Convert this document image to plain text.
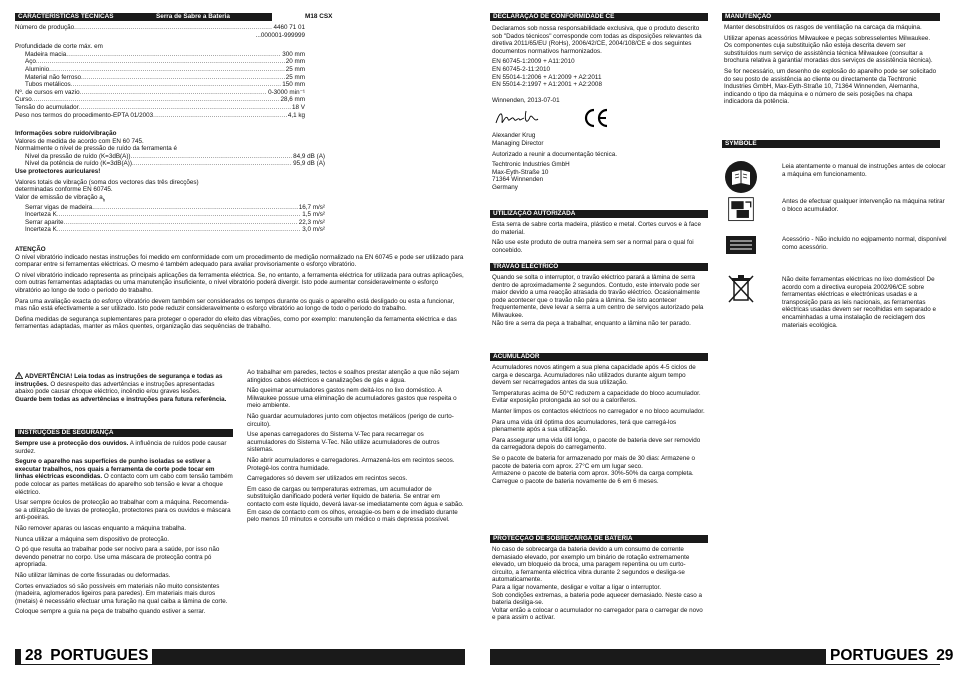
CARACTERÍSTICAS TÉCNICAS	Serra de Sabre a Bateria	M18 CSX
Número de produção .....	4460 71 01
...000001-999999
Profundidade de corte máx. em
Madeira macia .....	300 mm
Aço .....	20 mm
Aluminio .....	25 mm
Material não ferroso .....	25 mm
Tubos metálicos .....	150 mm
Nº. de cursos em vazio .....	0-3000 min⁻¹
Curso .....	28,6 mm
Tensão do acumulador .....	18 V
Peso nos termos do procedimento-EPTA 01/2003 .....	4,1 kg

Informações sobre ruído/vibração

Valores de medida de acordo com EN 60 745.
Normalmente o nível de pressão de ruído da ferramenta é
Nível da pressão de ruído (K=3dB(A)) .....	84,9 dB (A)
Nível da potência de ruído (K=3dB(A)) .....	95,9 dB (A)
Use protectores auriculares!
Valores totais de vibração (soma dos vectores das três direcções)
determinadas conforme EN 60745.
Valor de emissão de vibração $a_h$
Serrar vigas de madeira .....	16,7 m/s²
Incerteza K .....	1,5 m/s²
Serrar aparite .....	22,3 m/s²
Incerteza K .....	3,0 m/s²
ATENÇÃO

O nível vibratório indicado nestas instruções foi medido em conformidade com um procedimento de medição normalizado na EN 60745 e pode ser utilizado para comparar entre si ferramentas eléctricas. O mesmo é também adequado para avaliar provisoriamente o esforço vibratório.

O nível vibratório indicado representa as principais aplicações da ferramenta eléctrica. Se, no entanto, a ferramenta eléctrica for utilizada para outras aplicações, com outras ferramentas adaptadas ou uma manutenção insuficiente, o nível vibratório poderá divergir. Isto pode aumentar consideravelmente o esforço vibratório ao longo de todo o período do trabalho.

Para uma avaliação exacta do esforço vibratório devem também ser considerados os tempos durante os quais o aparelho está desligado ou esta a funcionar, mas não está efectivamente a ser utilizado. Isto pode reduzir consideravelmente o esforço vibratório ao longo de todo o período do trabalho.

Defina medidas de segurança suplementares para proteger o operador do efeito das vibrações, como por exemplo: manutenção da ferramenta eléctrica e das ferramentas adaptadas, manter as mãos quentes, organização das sequências de trabalho.

ADVERTÊNCIA! Leia todas as instruções de segurança e todas as instruções. O desrespeito das advertências e instruções apresentadas abaixo pode causar choque eléctrico, incêndio e/ou graves lesões.
Guarde bem todas as advertências e instruções para futura referência.

INSTRUÇÕES DE SEGURANÇA

Sempre use a protecção dos ouvidos. A influência de ruídos pode causar surdez.

Segure o aparelho nas superfícies de punho isoladas se estiver a executar trabalhos, nos quais a ferramenta de corte pode tocar em linhas eléctricas escondidas. O contacto com um cabo com tensão também pode colocar as partes metálicas do aparelho sob tensão e levar a choque eléctrico.

Usar sempre óculos de protecção ao trabalhar com a máquina. Recomenda-se a utilização de luvas de protecção, protectores para os ouvidos e máscara anti-poeiras.

Não remover aparas ou lascas enquanto a máquina trabalha.

Nunca utilizar a máquina sem dispositivo de protecção.

O pó que resulta ao trabalhar pode ser nocivo para a saúde, por isso não devendo penetrar no corpo. Use uma máscara de protecção contra pó apropriada.

Não utilizar lâminas de corte fissuradas ou deformadas.

Cortes envaziados só são possíveis em materiais não muito consistentes (madeira, aglomerados ligeiros para paredes). Em materiais mais duros (metais) é necessário efectuar uma furação na qual caiba a lâmina de corte.

Coloque sempre a guia na peça de trabalho quando estiver a serrar.

Ao trabalhar em paredes, tectos e soalhos prestar atenção a que não sejam atingidos cabos eléctricos e canalizações de gás e água.

Não queimar acumuladores gastos nem deitá-los no lixo doméstico. A Milwaukee possue uma eliminação de acumuladores gastos que respeita o meio ambiente.

Não guardar acumuladores junto com objectos metálicos (perigo de curto-circuito).

Use apenas carregadores do Sistema V-Tec para recarregar os acumuladores do Sistema V-Tec. Não utilize acumuladores de outros sistemas.

Não abrir acumuladores e carregadores. Armazená-los em recintos secos. Protegê-los contra humidade.

Carregadores só devem ser utilizados em recintos secos.

Em caso de cargas ou temperaturas extremas, um acumulador de substituição danificado poderá verter líquido de bateria. Se entrar em contacto com este líquido, deverá lavar-se imediatamente com água e sabão. Em caso de contacto com os olhos, enxagúe-os bem e de imediato durante pelo menos 10 minutos e consulte um médico o mais depressa possível.

28 PORTUGUES
DECLARAÇÃO DE CONFORMIDADE CE

Declaramos sob nossa responsabilidade exclusiva, que o produto descrito sob "Dados técnicos" corresponde com todas as disposições relevantes da diretiva 2011/65/EU (RoHs), 2006/42/CE, 2004/108/CE e dos seguintes documentos normativos harmonizados.

EN 60745-1:2009 + A11:2010
EN 60745-2-11:2010
EN 55014-1:2006 + A1:2009 + A2:2011
EN 55014-2:1997 + A1:2001 + A2:2008
Winnenden, 2013-07-01
Alexander Krug
Managing Director
Autorizado a reunir a documentação técnica.
Techtronic Industries GmbH
Max-Eyth-Straße 10
71364 Winnenden
Germany
UTILIZAÇÃO AUTORIZADA

Esta serra de sabre corta madeira, plástico e metal. Cortes curvos e à face do material.

Não use este produto de outra maneira sem ser a normal para o qual foi concebido.

TRAVÃO ELÉCTRICO
Quando se solta o interruptor, o travão eléctrico parará a lâmina de serra dentro de aproximadamente 2 segundos. Contudo, este intervalo pode ser maior devido a uma reacção atrasada do travão eléctrico. Ocasionalmente pode acontecer que o travão não pára a lâmina. Se isto acontecer frequentemente, deve levar a serra a um centro de serviços autorizado pela Milwaukee.
Não tire a serra da peça a trabalhar, enquanto a lâmina não ter parado.
ACUMULADOR

Acumuladores novos atingem a sua plena capacidade após 4-5 ciclos de carga e descarga. Acumuladores não utilizados durante algum tempo devem ser recarregados antes da sua utilização.

Temperaturas acima de 50°C reduzem a capacidade do bloco acumulador. Evitar exposição prolongada ao sol ou a caloríferos.

Manter limpos os contactos eléctricos no carregador e no bloco acumulador.

Para uma vida útil óptima dos acumuladores, terá que carregá-los plenamente após a sua utilização.

Para assegurar uma vida útil longa, o pacote de bateria deve ser removido da carregadora depois do carregamento.

Se o pacote de bateria for armazenado por mais de 30 dias: Armazene o pacote de bateria com aprox. 27°C em um lugar seco.
Armazene o pacote de bateria com aprox. 30%-50% da carga completa.
Carregue o pacote de bateria novamente de 6 em 6 meses.

PROTECÇÃO DE SOBRECARGA DE BATERIA
No caso de sobrecarga da bateria devido a um consumo de corrente demasiado elevado, por exemplo um binário de rotação extremamente elevado, um bloqueio da broca, uma paragem repentina ou um curto-circuito, a ferramenta eléctrica vibra durante 2 segundos e desliga-se automaticamente.
Para a ligar novamente, desligar e voltar a ligar o interruptor.
Sob condições extremas, a bateria pode aquecer demasiado. Neste caso a bateria desliga-se.
Voltar então a colocar o acumulador no carregador para o carregar de novo e para assim o activar.
MANUTENÇÃO

Manter desobstruídos os rasgos de ventilação na carcaça da máquina.

Utilizar apenas acessórios Milwaukee e peças sobresselentes Milwaukee. Os componentes cuja substituição não esteja descrita devem ser substituídos num serviço de assistência técnica Milwaukee (consultar a brochura relativa à garantia/ moradas dos serviços de assistência técnica).

Se for necessário, um desenho de explosão do aparelho pode ser solicitado do seu posto de assistência ao cliente ou directamente da Techtronic Industries GmbH, Max-Eyth-Straße 10, 71364 Winnenden, Alemanha, indicando o tipo da máquina e o número de seis posições na chapa indicadora da potência.

SYMBOLE
Leia atentamente o manual de instruções antes de colocar a máquina em funcionamento.
Antes de efectuar qualquer intervenção na máquina retirar o bloco acumulador.
Acessório - Não incluído no eqipamento normal, disponível como acessório.
Não deite ferramentas eléctricas no lixo doméstico! De acordo com a directiva europeia 2002/96/CE sobre ferramentas eléctricas e electrónicas usadas e a transposição para as leis nacionais, as ferramentas eléctricas usadas devem ser recolhidas em separado e encaminhadas a uma instalação de reciclagem dos materiais ecológica.
PORTUGUES 29
